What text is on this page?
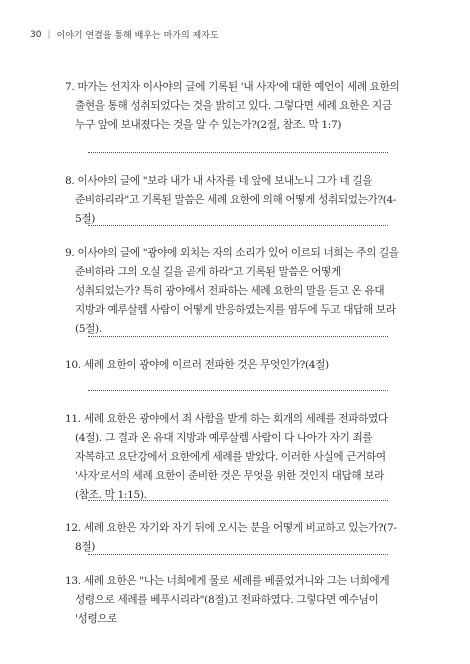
30 | 이야기 연결을 통해 배우는 마가의 제자도

7. 마가는 선지자 이사야의 글에 기록된 '내 사자'에 대한 예언이 세례 요한의 출현을 통해 성취되었다는 것을 밝히고 있다. 그렇다면 세례 요한은 지금 누구 앞에 보내졌다는 것을 알 수 있는가?(2절, 참조. 막 1:7)

8. 이사야의 글에 "보라 내가 내 사자를 네 앞에 보내노니 그가 네 길을 준비하리라"고 기록된 말씀은 세례 요한에 의해 어떻게 성취되었는가?(4-5절)

9. 이사야의 글에 "광야에 외치는 자의 소리가 있어 이르되 너희는 주의 길을 준비하라 그의 오실 길을 곧게 하라"고 기록된 말씀은 어떻게 성취되었는가? 특히 광야에서 전파하는 세례 요한의 말을 듣고 온 유대 지방과 예루살렘 사람이 어떻게 반응하였는지를 염두에 두고 대답해 보라(5절).

10. 세례 요한이 광야에 이르러 전파한 것은 무엇인가?(4절)

11. 세례 요한은 광야에서 죄 사함을 받게 하는 회개의 세례를 전파하였다(4절). 그 결과 온 유대 지방과 예루살렘 사람이 다 나아가 자기 죄를 자복하고 요단강에서 요한에게 세례를 받았다. 이러한 사실에 근거하여 '사자'로서의 세례 요한이 준비한 것은 무엇을 위한 것인지 대답해 보라(참조. 막 1:15).

12. 세례 요한은 자기와 자기 뒤에 오시는 분을 어떻게 비교하고 있는가?(7-8절)

13. 세례 요한은 "나는 너희에게 물로 세례를 베풀었거니와 그는 너희에게 성령으로 세례를 베푸시리라"(8절)고 전파하였다. 그렇다면 예수님이 '성령으로
